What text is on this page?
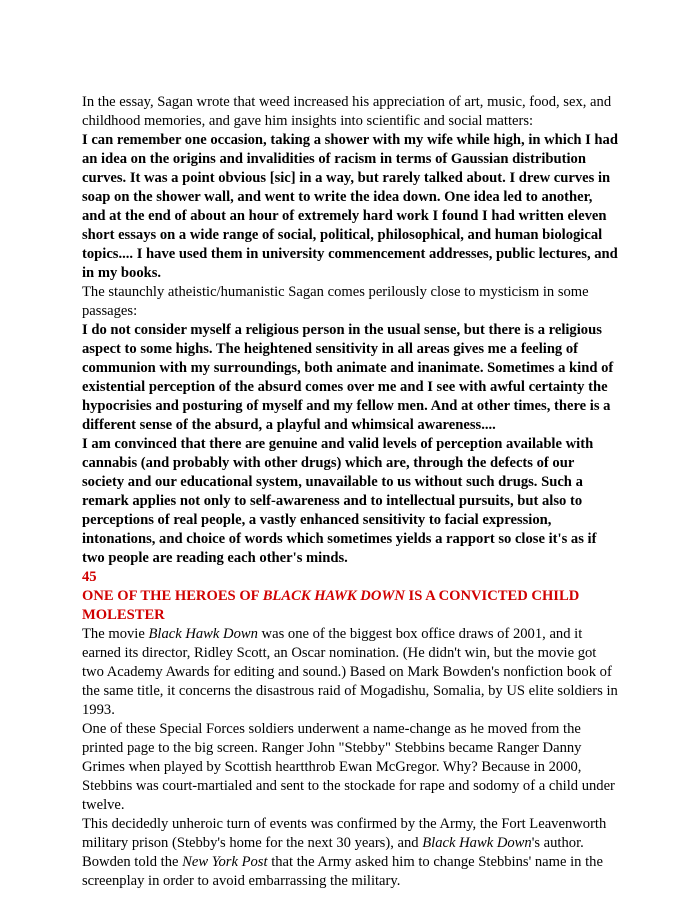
In the essay, Sagan wrote that weed increased his appreciation of art, music, food, sex, and childhood memories, and gave him insights into scientific and social matters:

I can remember one occasion, taking a shower with my wife while high, in which I had an idea on the origins and invalidities of racism in terms of Gaussian distribution curves. It was a point obvious [sic] in a way, but rarely talked about. I drew curves in soap on the shower wall, and went to write the idea down. One idea led to another, and at the end of about an hour of extremely hard work I found I had written eleven short essays on a wide range of social, political, philosophical, and human biological topics.... I have used them in university commencement addresses, public lectures, and in my books.

The staunchly atheistic/humanistic Sagan comes perilously close to mysticism in some passages:

I do not consider myself a religious person in the usual sense, but there is a religious aspect to some highs. The heightened sensitivity in all areas gives me a feeling of communion with my surroundings, both animate and inanimate. Sometimes a kind of existential perception of the absurd comes over me and I see with awful certainty the hypocrisies and posturing of myself and my fellow men. And at other times, there is a different sense of the absurd, a playful and whimsical awareness....

I am convinced that there are genuine and valid levels of perception available with cannabis (and probably with other drugs) which are, through the defects of our society and our educational system, unavailable to us without such drugs. Such a remark applies not only to self-awareness and to intellectual pursuits, but also to perceptions of real people, a vastly enhanced sensitivity to facial expression, intonations, and choice of words which sometimes yields a rapport so close it's as if two people are reading each other's minds.

45
ONE OF THE HEROES OF BLACK HAWK DOWN IS A CONVICTED CHILD MOLESTER

The movie Black Hawk Down was one of the biggest box office draws of 2001, and it earned its director, Ridley Scott, an Oscar nomination. (He didn't win, but the movie got two Academy Awards for editing and sound.) Based on Mark Bowden's nonfiction book of the same title, it concerns the disastrous raid of Mogadishu, Somalia, by US elite soldiers in 1993.

One of these Special Forces soldiers underwent a name-change as he moved from the printed page to the big screen. Ranger John "Stebby" Stebbins became Ranger Danny Grimes when played by Scottish heartthrob Ewan McGregor. Why? Because in 2000, Stebbins was court-martialed and sent to the stockade for rape and sodomy of a child under twelve.

This decidedly unheroic turn of events was confirmed by the Army, the Fort Leavenworth military prison (Stebby's home for the next 30 years), and Black Hawk Down's author. Bowden told the New York Post that the Army asked him to change Stebbins' name in the screenplay in order to avoid embarrassing the military.
